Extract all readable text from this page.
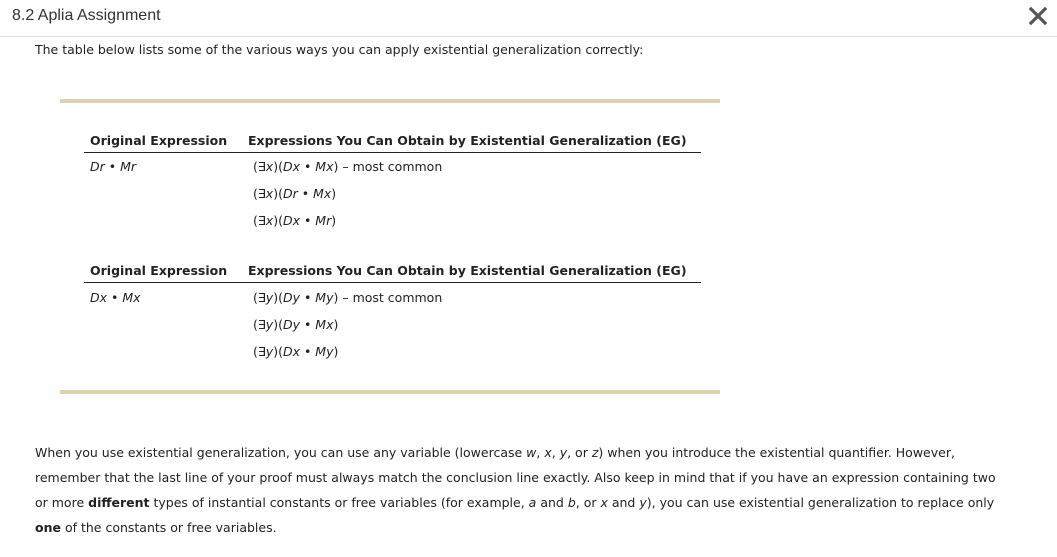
8.2 Aplia Assignment
The table below lists some of the various ways you can apply existential generalization correctly:
Original Expression Expressions You Can Obtain by Existential Generalization (EG)
Dr • Mr	(∃x)(Dx • Mx) – most common
(∃x)(Dr • Mx)
(∃x)(Dx • Mr)
Original Expression Expressions You Can Obtain by Existential Generalization (EG)
Dx • Mx	(∃y)(Dy • My) – most common
(∃y)(Dy • Mx)
(∃y)(Dx • My)
When you use existential generalization, you can use any variable (lowercase w, x, y, or z) when you introduce the existential quantifier. However, remember that the last line of your proof must always match the conclusion line exactly. Also keep in mind that if you have an expression containing two or more different types of instantial constants or free variables (for example, a and b, or x and y), you can use existential generalization to replace only one of the constants or free variables.
